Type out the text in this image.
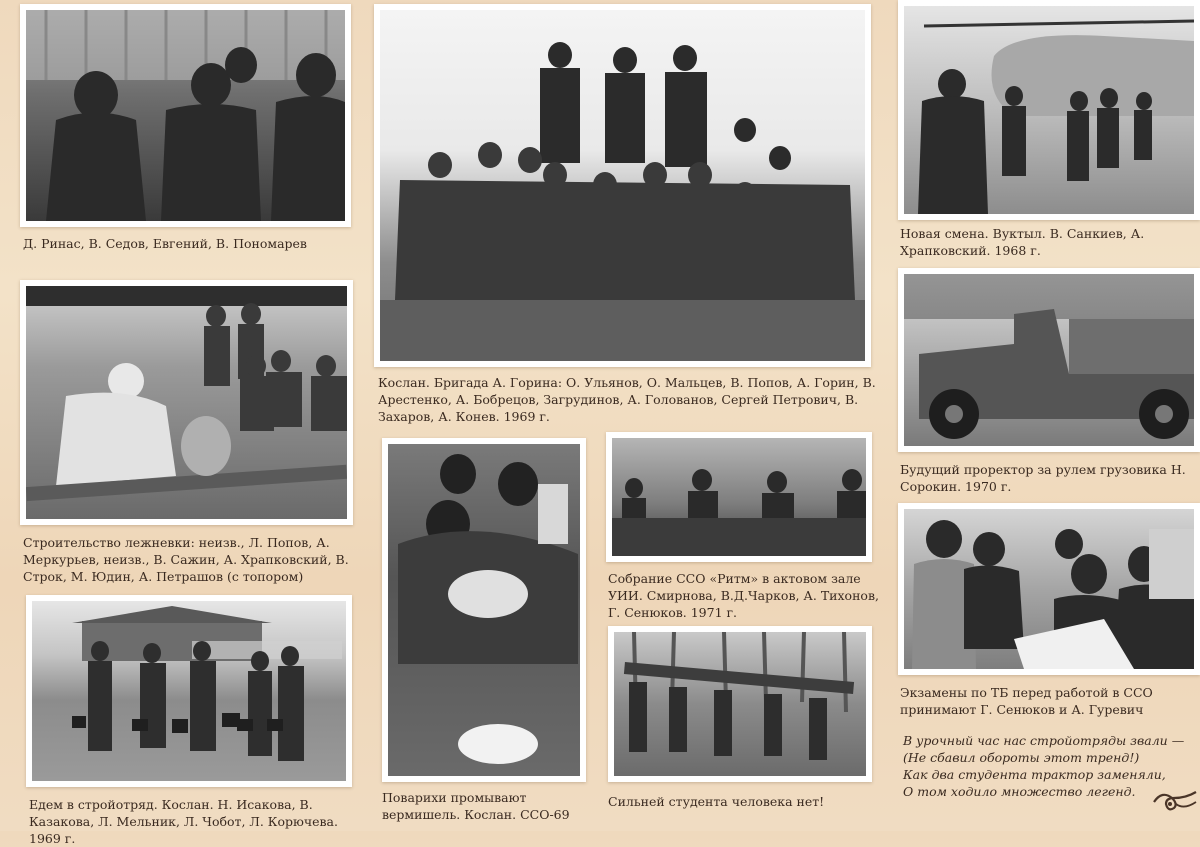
Д. Ринас, В. Седов, Евгений, В. Пономарев
Строительство лежневки: неизв., Л. Попов, А. Меркурьев, неизв., В. Сажин, А. Храпковский, В. Строк, М. Юдин, А. Петрашов (с топором)
Едем в стройотряд. Кослан. Н. Исакова, В. Казакова, Л. Мельник, Л. Чобот, Л. Корючева. 1969 г.
Кослан. Бригада А. Горина: О. Ульянов, О. Мальцев, В. Попов, А. Горин, В. Арестенко, А. Бобрецов, Загрудинов, А. Голованов, Сергей Петрович, В. Захаров, А. Конев. 1969 г.
Поварихи промывают вермишель. Кослан. ССО-69
Собрание ССО «Ритм» в актовом зале УИИ. Смирнова, В.Д.Чарков, А. Тихонов, Г. Сенюков. 1971 г.
Сильней студента человека нет!
Новая смена. Вуктыл. В. Санкиев, А. Храпковский. 1968 г.
Будущий проректор за рулем грузовика Н. Сорокин. 1970 г.
Экзамены по ТБ перед работой в ССО принимают Г. Сенюков и А. Гуревич
В урочный час нас стройотряды звали —
(Не сбавил обороты этот тренд!)
Как два студента трактор заменяли,
О том ходило множество легенд.
